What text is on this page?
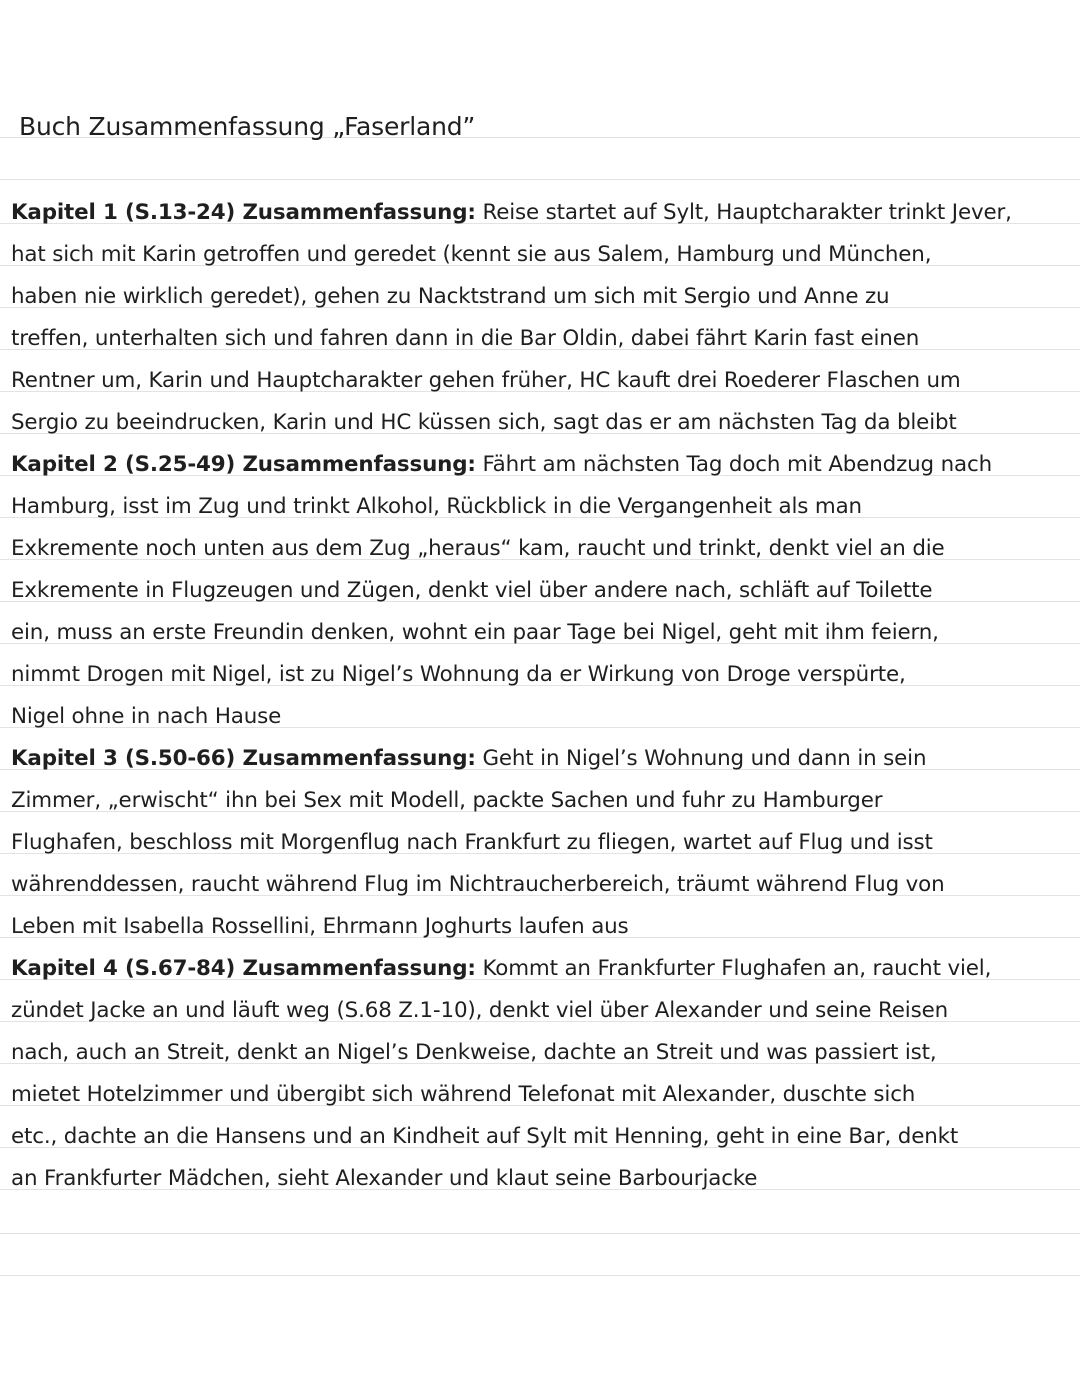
Buch Zusammenfassung „Faserland”
Kapitel 1 (S.13-24) Zusammenfassung: Reise startet auf Sylt, Hauptcharakter trinkt Jever,
hat sich mit Karin getroffen und geredet (kennt sie aus Salem, Hamburg und München,
haben nie wirklich geredet), gehen zu Nacktstrand um sich mit Sergio und Anne zu
treffen, unterhalten sich und fahren dann in die Bar Oldin, dabei fährt Karin fast einen
Rentner um, Karin und Hauptcharakter gehen früher, HC kauft drei Roederer Flaschen um
Sergio zu beeindrucken, Karin und HC küssen sich, sagt das er am nächsten Tag da bleibt
Kapitel 2 (S.25-49) Zusammenfassung: Fährt am nächsten Tag doch mit Abendzug nach
Hamburg, isst im Zug und trinkt Alkohol, Rückblick in die Vergangenheit als man
Exkremente noch unten aus dem Zug „heraus“ kam, raucht und trinkt, denkt viel an die
Exkremente in Flugzeugen und Zügen, denkt viel über andere nach, schläft auf Toilette
ein, muss an erste Freundin denken, wohnt ein paar Tage bei Nigel, geht mit ihm feiern,
nimmt Drogen mit Nigel, ist zu Nigel’s Wohnung da er Wirkung von Droge verspürte,
Nigel ohne in nach Hause
Kapitel 3 (S.50-66) Zusammenfassung: Geht in Nigel’s Wohnung und dann in sein
Zimmer, „erwischt“ ihn bei Sex mit Modell, packte Sachen und fuhr zu Hamburger
Flughafen, beschloss mit Morgenflug nach Frankfurt zu fliegen, wartet auf Flug und isst
währenddessen, raucht während Flug im Nichtraucherbereich, träumt während Flug von
Leben mit Isabella Rossellini, Ehrmann Joghurts laufen aus
Kapitel 4 (S.67-84) Zusammenfassung: Kommt an Frankfurter Flughafen an, raucht viel,
zündet Jacke an und läuft weg (S.68 Z.1-10), denkt viel über Alexander und seine Reisen
nach, auch an Streit, denkt an Nigel’s Denkweise, dachte an Streit und was passiert ist,
mietet Hotelzimmer und übergibt sich während Telefonat mit Alexander, duschte sich
etc., dachte an die Hansens und an Kindheit auf Sylt mit Henning, geht in eine Bar, denkt
an Frankfurter Mädchen, sieht Alexander und klaut seine Barbourjacke
